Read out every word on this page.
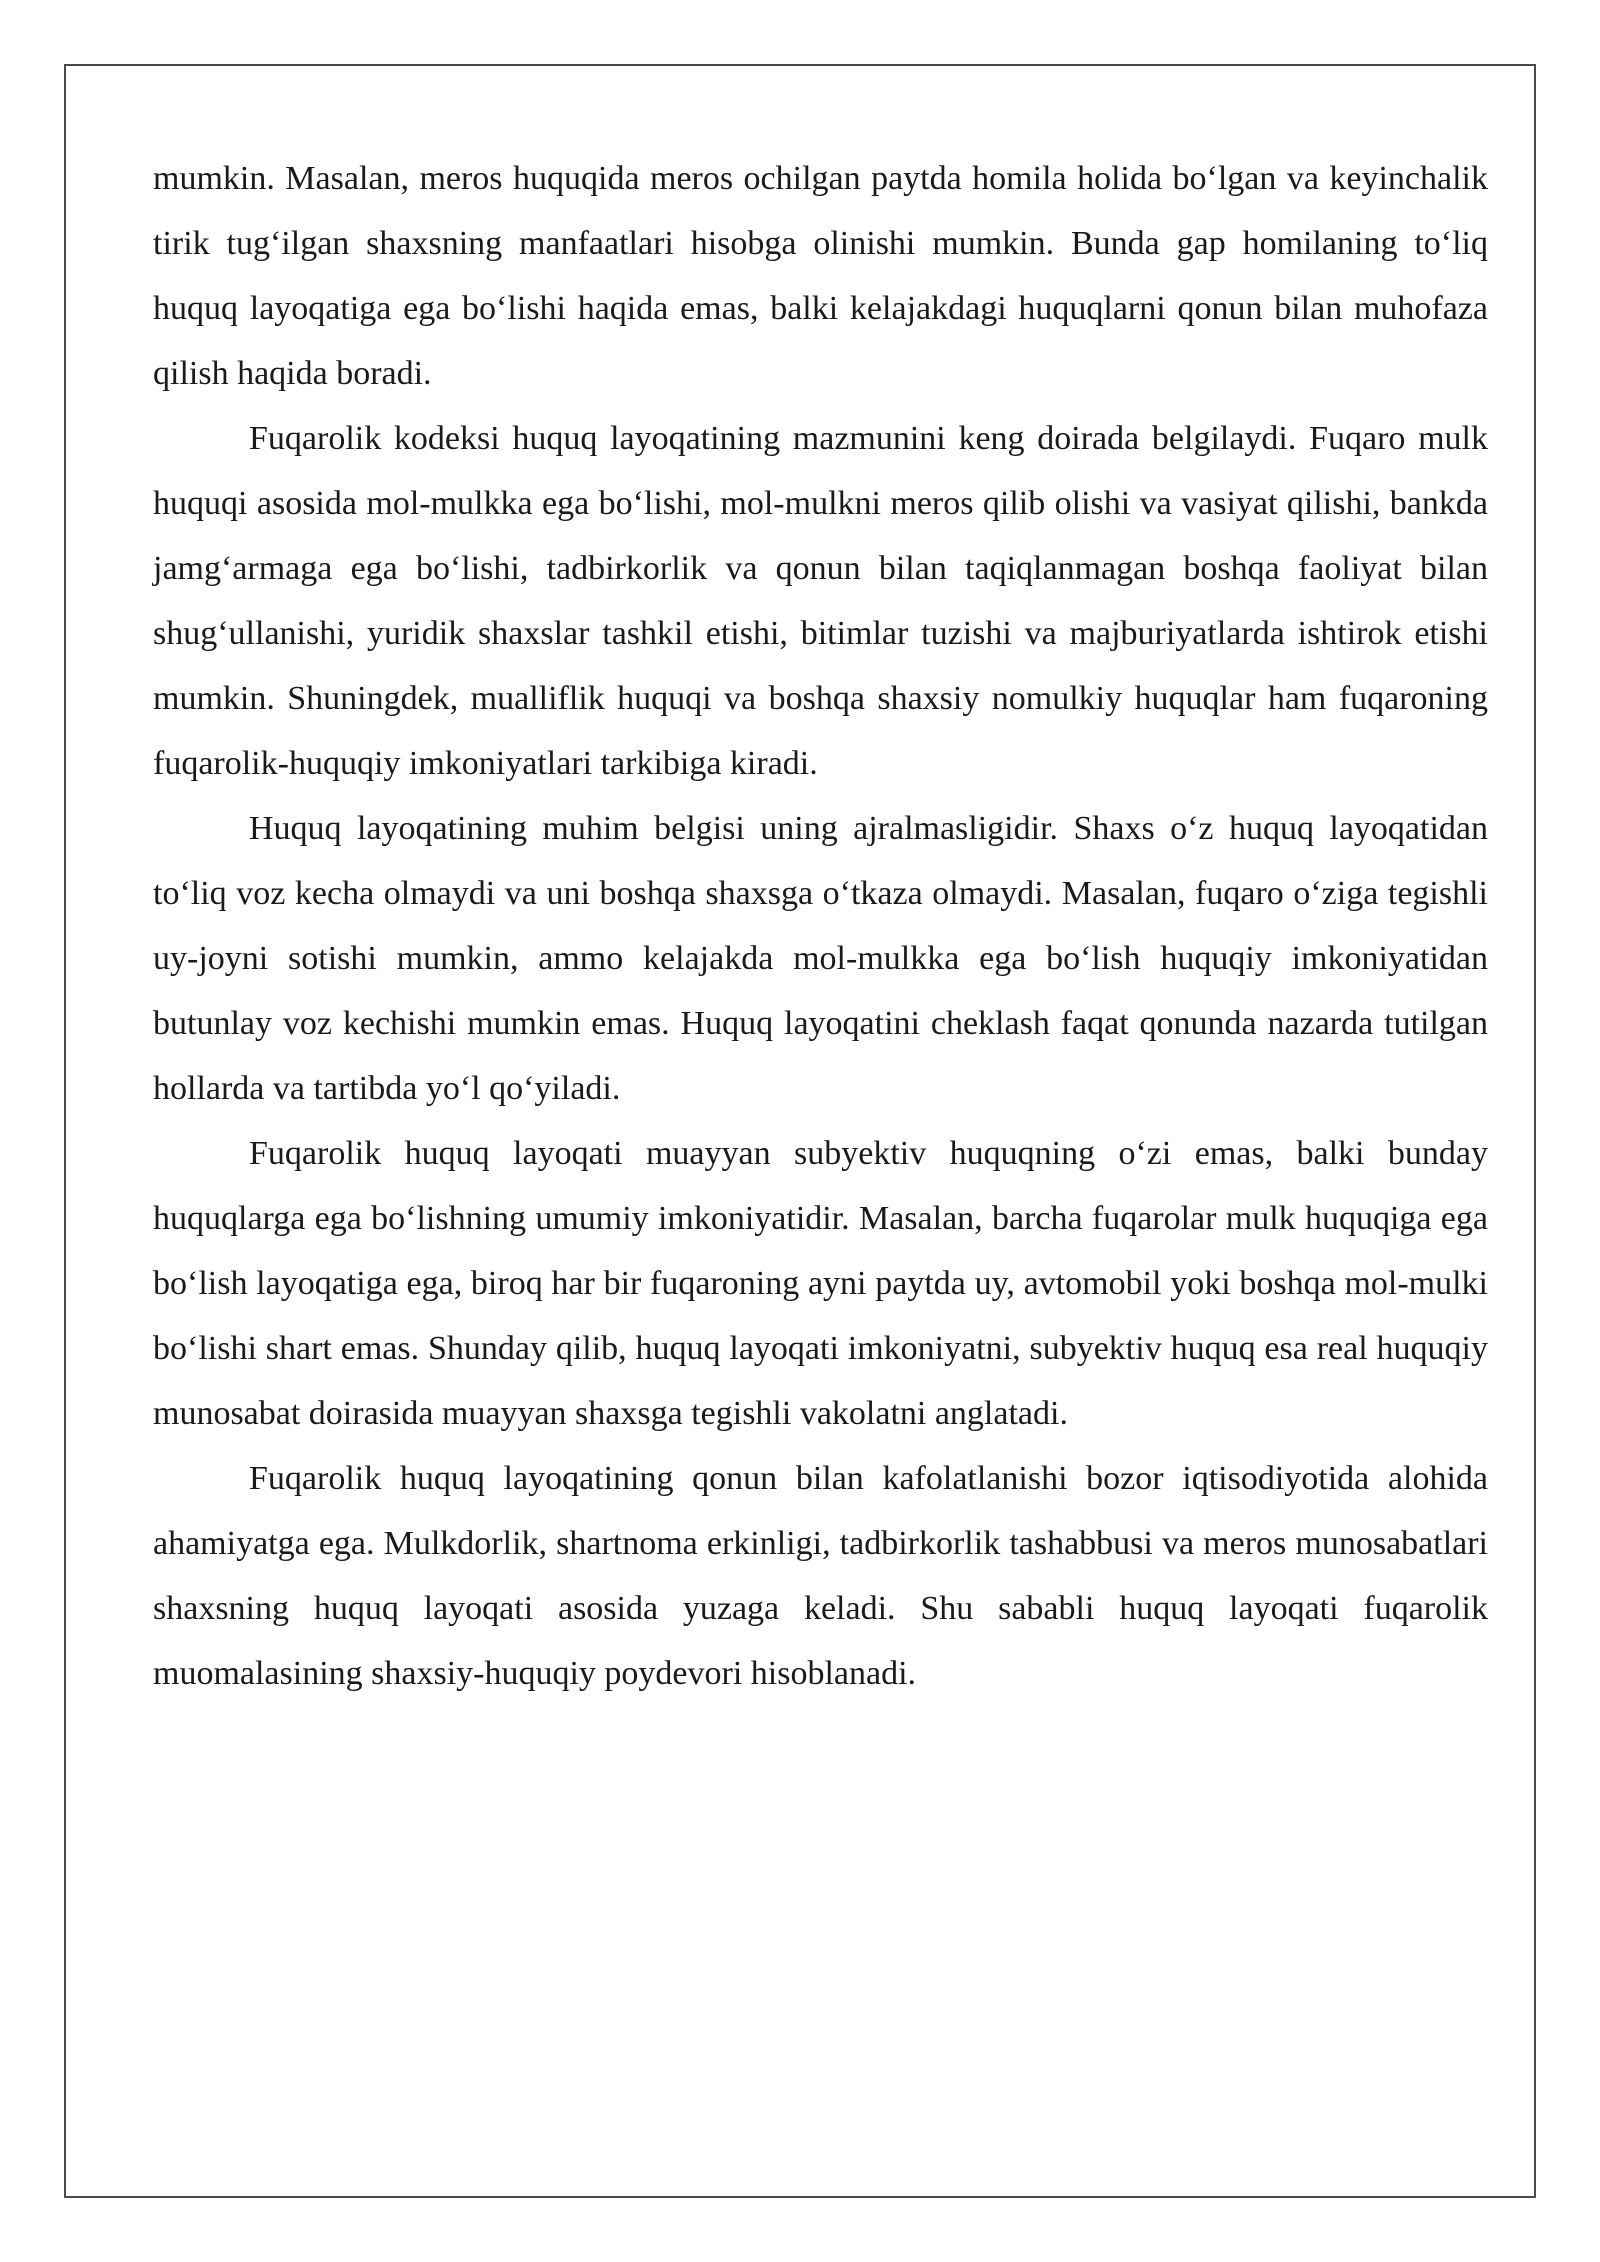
mumkin. Masalan, meros huquqida meros ochilgan paytda homila holida bo‘lgan va keyinchalik tirik tug‘ilgan shaxsning manfaatlari hisobga olinishi mumkin. Bunda gap homilaning to‘liq huquq layoqatiga ega bo‘lishi haqida emas, balki kelajakdagi huquqlarni qonun bilan muhofaza qilish haqida boradi.

Fuqarolik kodeksi huquq layoqatining mazmunini keng doirada belgilaydi. Fuqaro mulk huquqi asosida mol-mulkka ega bo‘lishi, mol-mulkni meros qilib olishi va vasiyat qilishi, bankda jamg‘armaga ega bo‘lishi, tadbirkorlik va qonun bilan taqiqlanmagan boshqa faoliyat bilan shug‘ullanishi, yuridik shaxslar tashkil etishi, bitimlar tuzishi va majburiyatlarda ishtirok etishi mumkin. Shuningdek, mualliflik huquqi va boshqa shaxsiy nomulkiy huquqlar ham fuqaroning fuqarolik-huquqiy imkoniyatlari tarkibiga kiradi.

Huquq layoqatining muhim belgisi uning ajralmasligidir. Shaxs o‘z huquq layoqatidan to‘liq voz kecha olmaydi va uni boshqa shaxsga o‘tkaza olmaydi. Masalan, fuqaro o‘ziga tegishli uy-joyni sotishi mumkin, ammo kelajakda mol-mulkka ega bo‘lish huquqiy imkoniyatidan butunlay voz kechishi mumkin emas. Huquq layoqatini cheklash faqat qonunda nazarda tutilgan hollarda va tartibda yo‘l qo‘yiladi.

Fuqarolik huquq layoqati muayyan subyektiv huquqning o‘zi emas, balki bunday huquqlarga ega bo‘lishning umumiy imkoniyatidir. Masalan, barcha fuqarolar mulk huquqiga ega bo‘lish layoqatiga ega, biroq har bir fuqaroning ayni paytda uy, avtomobil yoki boshqa mol-mulki bo‘lishi shart emas. Shunday qilib, huquq layoqati imkoniyatni, subyektiv huquq esa real huquqiy munosabat doirasida muayyan shaxsga tegishli vakolatni anglatadi.

Fuqarolik huquq layoqatining qonun bilan kafolatlanishi bozor iqtisodiyotida alohida ahamiyatga ega. Mulkdorlik, shartnoma erkinligi, tadbirkorlik tashabbusi va meros munosabatlari shaxsning huquq layoqati asosida yuzaga keladi. Shu sababli huquq layoqati fuqarolik muomalasining shaxsiy-huquqiy poydevori hisoblanadi.
